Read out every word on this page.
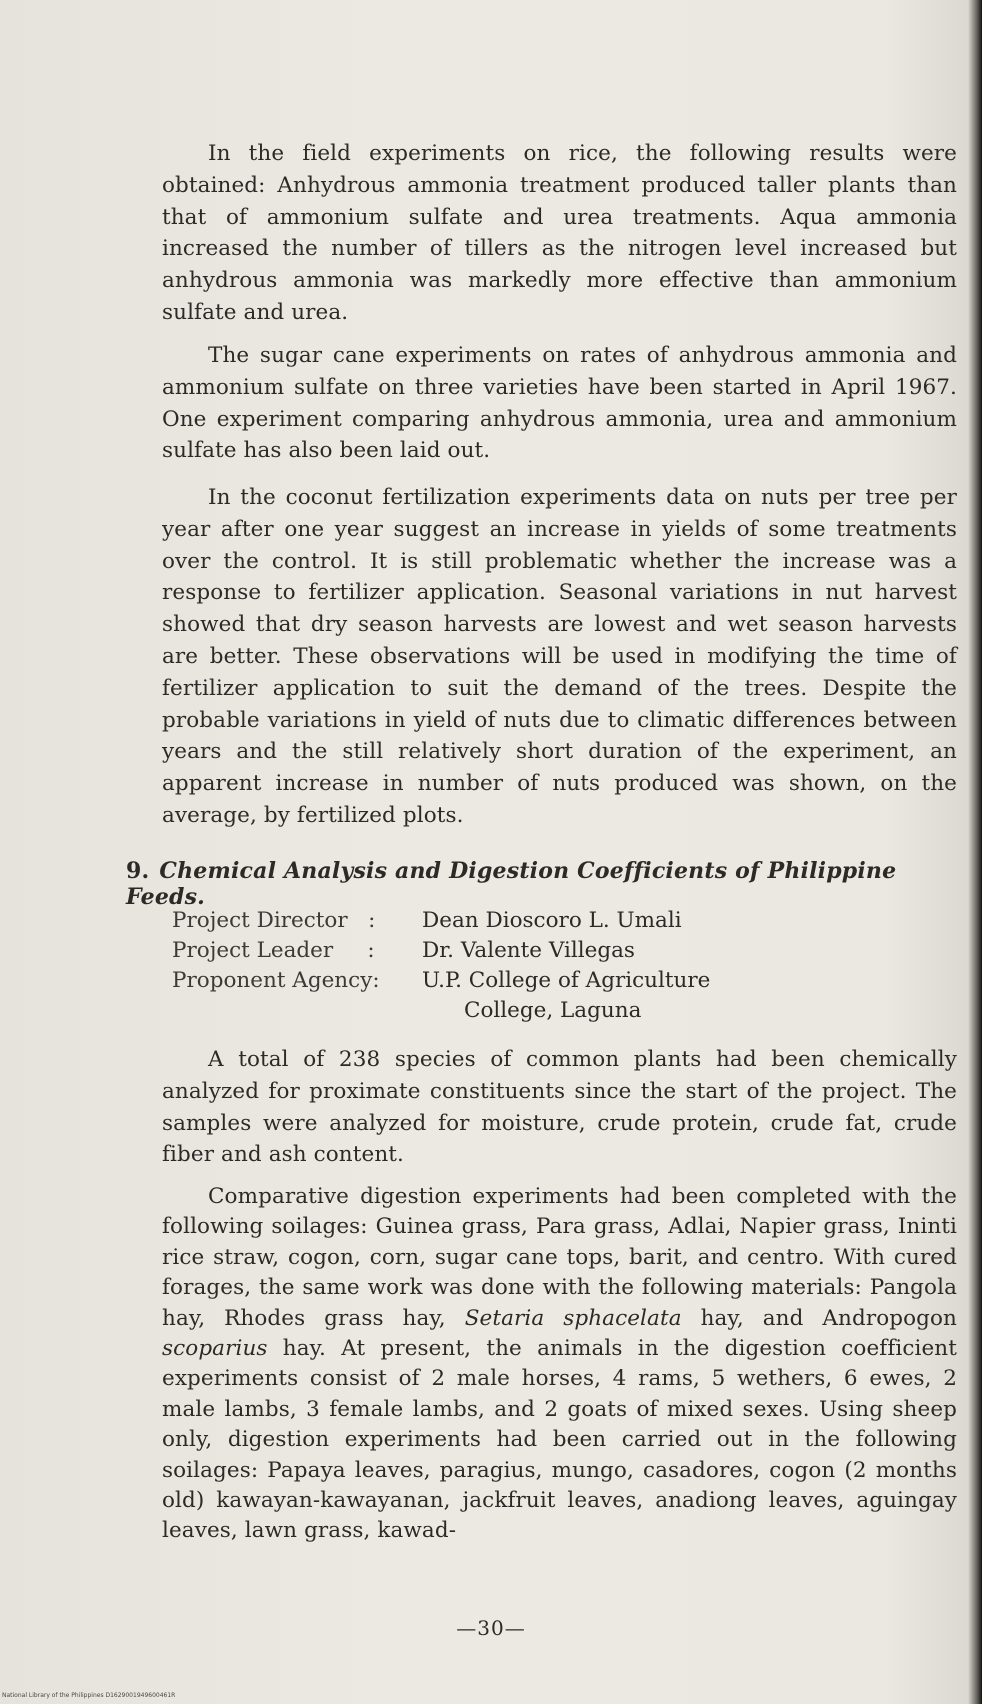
In the field experiments on rice, the following results were obtained: Anhydrous ammonia treatment produced taller plants than that of ammonium sulfate and urea treatments. Aqua ammonia increased the number of tillers as the nitrogen level increased but anhydrous ammonia was markedly more effective than ammonium sulfate and urea.

The sugar cane experiments on rates of anhydrous ammonia and ammonium sulfate on three varieties have been started in April 1967. One experiment comparing anhydrous ammonia, urea and ammonium sulfate has also been laid out.

In the coconut fertilization experiments data on nuts per tree per year after one year suggest an increase in yields of some treatments over the control. It is still problematic whether the increase was a response to fertilizer application. Seasonal variations in nut harvest showed that dry season harvests are lowest and wet season harvests are better. These observations will be used in modifying the time of fertilizer application to suit the demand of the trees. Despite the probable variations in yield of nuts due to climatic differences between years and the still relatively short duration of the experiment, an apparent increase in number of nuts produced was shown, on the average, by fertilized plots.

9. Chemical Analysis and Digestion Coefficients of Philippine Feeds.
Project Director   :	Dean Dioscoro L. Umali
Project Leader     :	Dr. Valente Villegas
Proponent Agency:	U.P. College of Agriculture
College, Laguna

A total of 238 species of common plants had been chemically analyzed for proximate constituents since the start of the project. The samples were analyzed for moisture, crude protein, crude fat, crude fiber and ash content.

Comparative digestion experiments had been completed with the following soilages: Guinea grass, Para grass, Adlai, Napier grass, Ininti rice straw, cogon, corn, sugar cane tops, barit, and centro. With cured forages, the same work was done with the following materials: Pangola hay, Rhodes grass hay, Setaria sphacelata hay, and Andropogon scoparius hay. At present, the animals in the digestion coefficient experiments consist of 2 male horses, 4 rams, 5 wethers, 6 ewes, 2 male lambs, 3 female lambs, and 2 goats of mixed sexes. Using sheep only, digestion experiments had been carried out in the following soilages: Papaya leaves, paragius, mungo, casadores, cogon (2 months old) kawayan-kawayanan, jackfruit leaves, anadiong leaves, aguingay leaves, lawn grass, kawad-

—30—
National Library of the Philippines D1629001949600461R
